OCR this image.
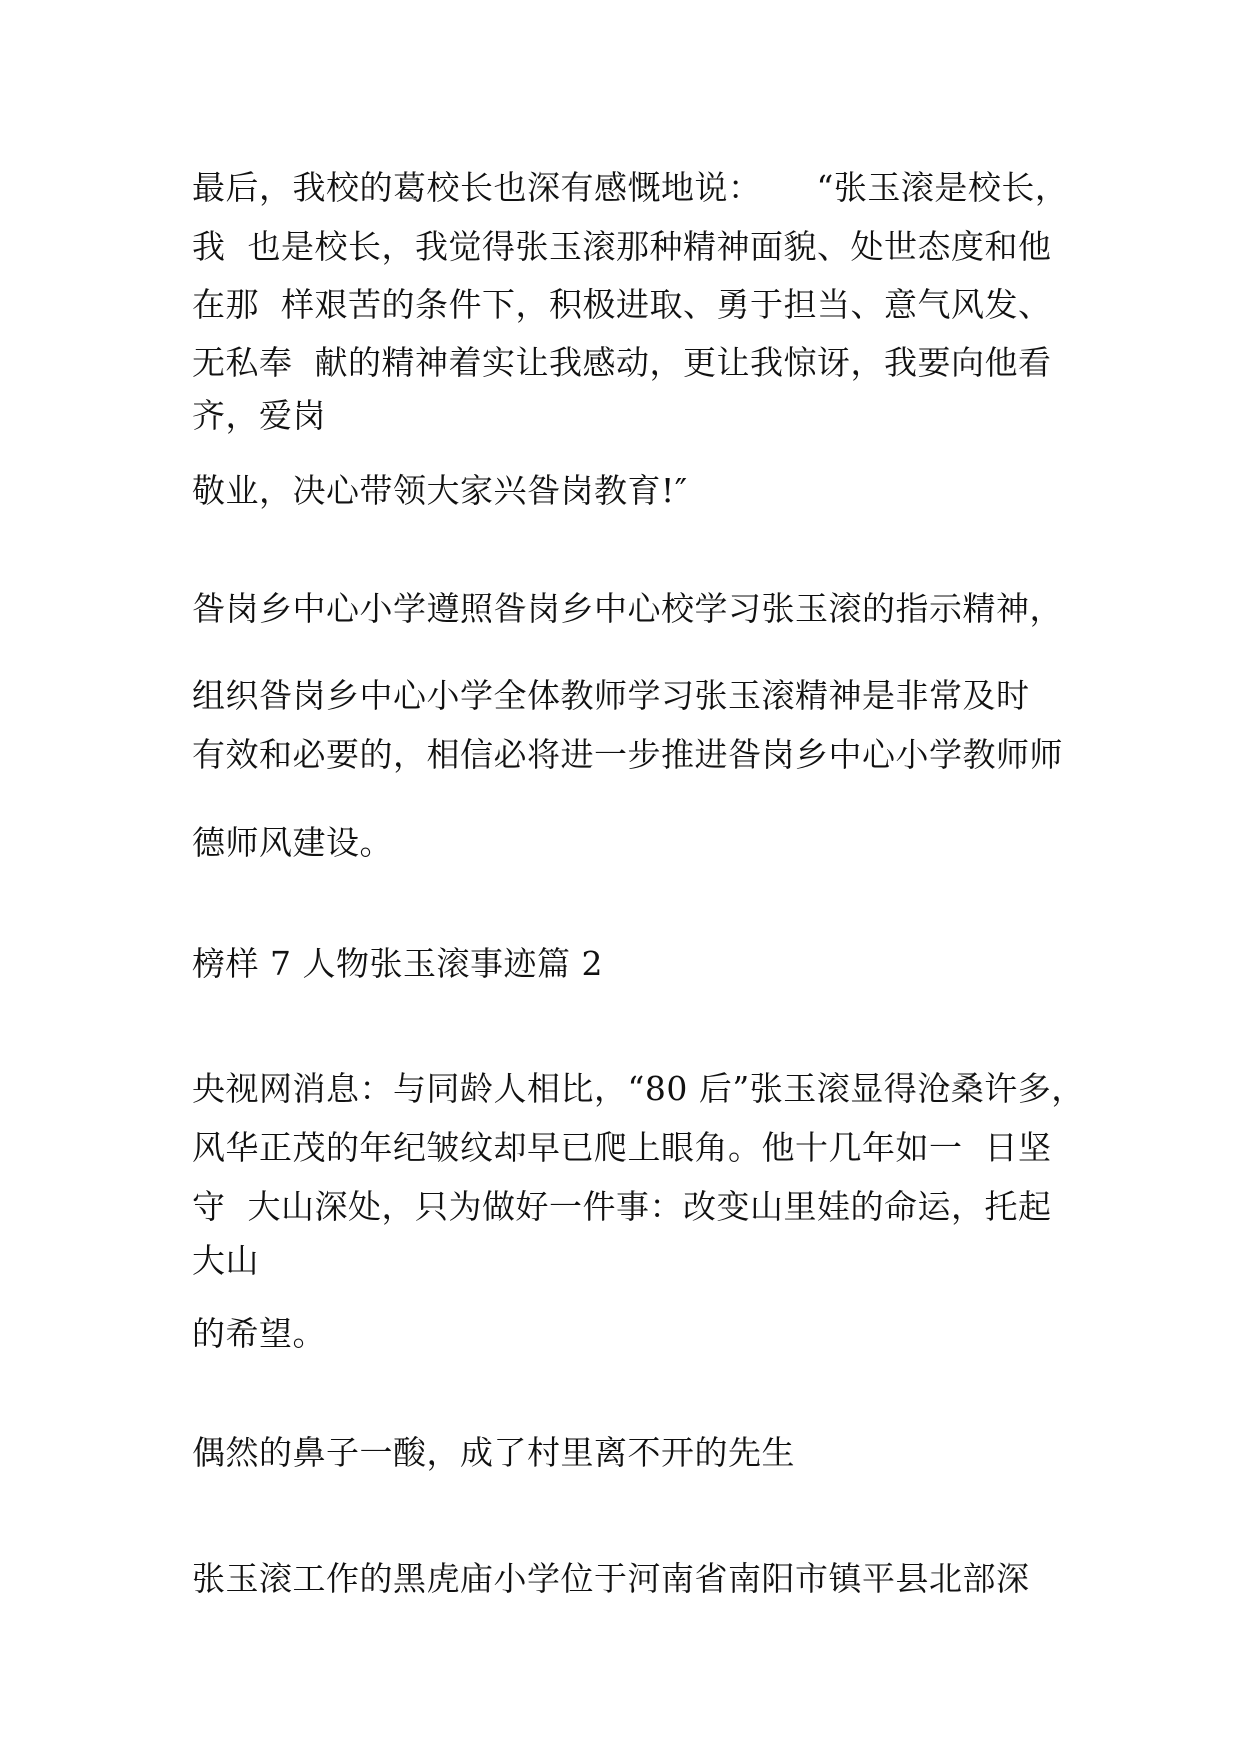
最后，我校的葛校长也深有感慨地说：     “张玉滚是校长，
我  也是校长，我觉得张玉滚那种精神面貌、处世态度和他
在那  样艰苦的条件下，积极进取、勇于担当、意气风发、
无私奉  献的精神着实让我感动，更让我惊讶，我要向他看
齐，爱岗
敬业，决心带领大家兴昝岗教育!″
昝岗乡中心小学遵照昝岗乡中心校学习张玉滚的指示精神，
组织昝岗乡中心小学全体教师学习张玉滚精神是非常及时
有效和必要的，相信必将进一步推进昝岗乡中心小学教师师
德师风建设。
榜样 7 人物张玉滚事迹篇 2
央视网消息：与同龄人相比，“80 后”张玉滚显得沧桑许多，
风华正茂的年纪皱纹却早已爬上眼角。他十几年如一  日坚
守  大山深处，只为做好一件事：改变山里娃的命运，托起
大山
的希望。
偶然的鼻子一酸，成了村里离不开的先生
张玉滚工作的黑虎庙小学位于河南省南阳市镇平县北部深
